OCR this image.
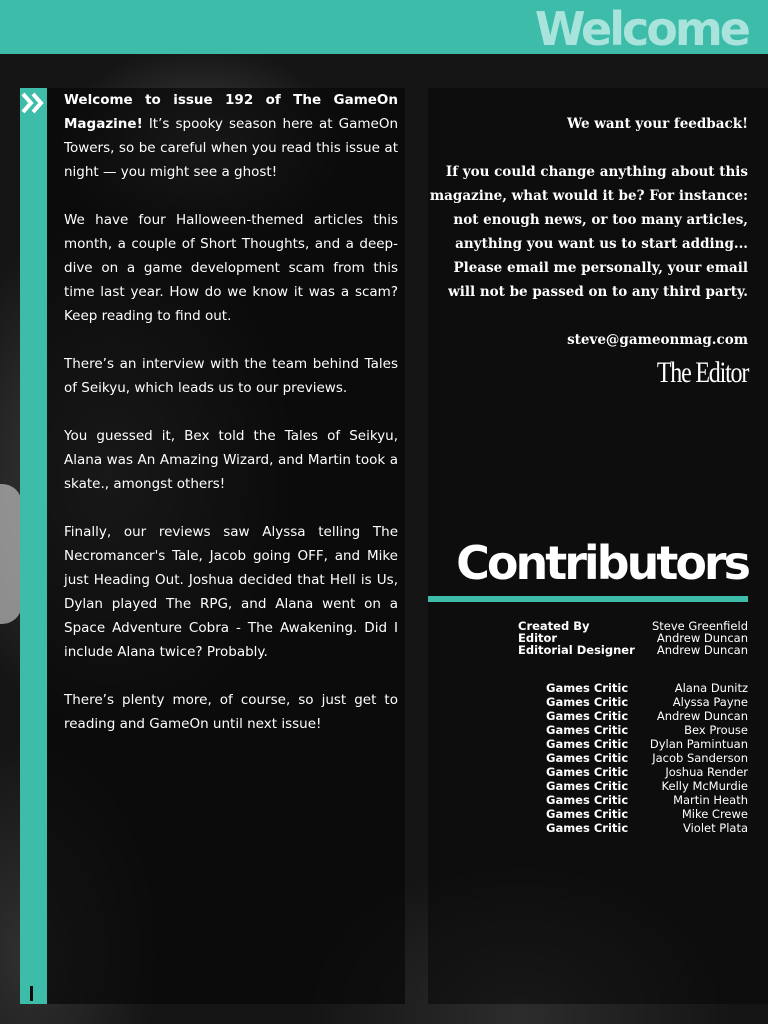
Welcome

Welcome to issue 192 of The GameOn Magazine! It’s spooky season here at GameOn Towers, so be careful when you read this issue at night — you might see a ghost!

We have four Halloween-themed articles this month, a couple of Short Thoughts, and a deep-dive on a game development scam from this time last year. How do we know it was a scam? Keep reading to find out.

There’s an interview with the team behind Tales of Seikyu, which leads us to our previews.

You guessed it, Bex told the Tales of Seikyu, Alana was An Amazing Wizard, and Martin took a skate., amongst others!

Finally, our reviews saw Alyssa telling The Necromancer's Tale, Jacob going OFF, and Mike just Heading Out. Joshua decided that Hell is Us, Dylan played The RPG, and Alana went on a Space Adventure Cobra - The Awakening. Did I include Alana twice? Probably.

There’s plenty more, of course, so just get to reading and GameOn until next issue!

We want your feedback!

If you could change anything about this magazine, what would it be? For instance: not enough news, or too many articles, anything you want us to start adding... Please email me personally, your email will not be passed on to any third party.

steve@gameonmag.com

The Editor
Contributors
Created By	Steve Greenfield
Editor	Andrew Duncan
Editorial Designer	Andrew Duncan
Games Critic	Alana Dunitz
Games Critic	Alyssa Payne
Games Critic	Andrew Duncan
Games Critic	Bex Prouse
Games Critic	Dylan Pamintuan
Games Critic	Jacob Sanderson
Games Critic	Joshua Render
Games Critic	Kelly McMurdie
Games Critic	Martin Heath
Games Critic	Mike Crewe
Games Critic	Violet Plata
